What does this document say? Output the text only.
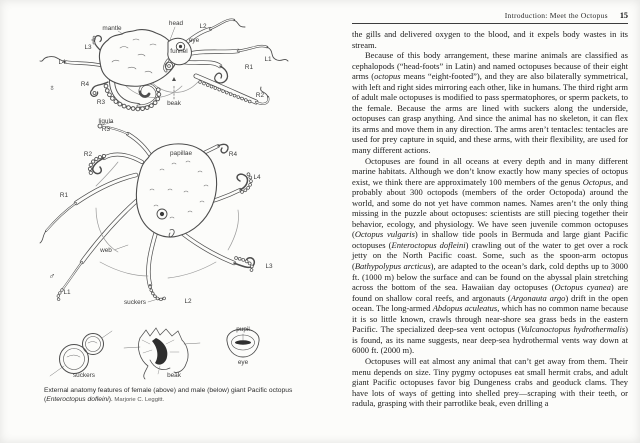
mantle
head	L2
eye
L3
funnel
L1
L4
R1
R4
R2
R3	beak
♀
ligula
R3
R2	papillae	R4
L4
R1
web
L3
♂
L1
suckers	L2
suckers	beak
pupil
eye
External anatomy features of female (above) and male (below) giant Pacific octopus (Enteroctopus dofleini). Marjorie C. Leggitt.
Introduction: Meet the Octopus 15

the gills and delivered oxygen to the blood, and it expels body wastes in its stream.

Because of this body arrangement, these marine animals are classified as cephalopods (“head-foots” in Latin) and named octopuses because of their eight arms (octopus means “eight-footed”), and they are also bilaterally symmetrical, with left and right sides mirroring each other, like in humans. The third right arm of adult male octopuses is modified to pass spermatophores, or sperm packets, to the female. Because the arms are lined with suckers along the underside, octopuses can grasp anything. And since the animal has no skeleton, it can flex its arms and move them in any direction. The arms aren’t tentacles: tentacles are used for prey capture in squid, and these arms, with their flexibility, are used for many different actions.

Octopuses are found in all oceans at every depth and in many different marine habitats. Although we don’t know exactly how many species of octopus exist, we think there are approximately 100 members of the genus Octopus, and probably about 300 octopods (members of the order Octopoda) around the world, and some do not yet have common names. Names aren’t the only thing missing in the puzzle about octopuses: scientists are still piecing together their behavior, ecology, and physiology. We have seen juvenile common octopuses (Octopus vulgaris) in shallow tide pools in Bermuda and large giant Pacific octopuses (Enteroctopus dofleini) crawling out of the water to get over a rock jetty on the North Pacific coast. Some, such as the spoon-arm octopus (Bathypolypus arcticus), are adapted to the ocean’s dark, cold depths up to 3000 ft. (1000 m) below the surface and can be found on the abyssal plain stretching across the bottom of the sea. Hawaiian day octopuses (Octopus cyanea) are found on shallow coral reefs, and argonauts (Argonauta argo) drift in the open ocean. The long-armed Abdopus aculeatus, which has no common name because it is so little known, crawls through near-shore sea grass beds in the eastern Pacific. The specialized deep-sea vent octopus (Vulcanoctopus hydrothermalis) is found, as its name suggests, near deep-sea hydrothermal vents way down at 6000 ft. (2000 m).

Octopuses will eat almost any animal that can’t get away from them. Their menu depends on size. Tiny pygmy octopuses eat small hermit crabs, and adult giant Pacific octopuses favor big Dungeness crabs and geoduck clams. They have lots of ways of getting into shelled prey—scraping with their teeth, or radula, grasping with their parrotlike beak, even drilling a
